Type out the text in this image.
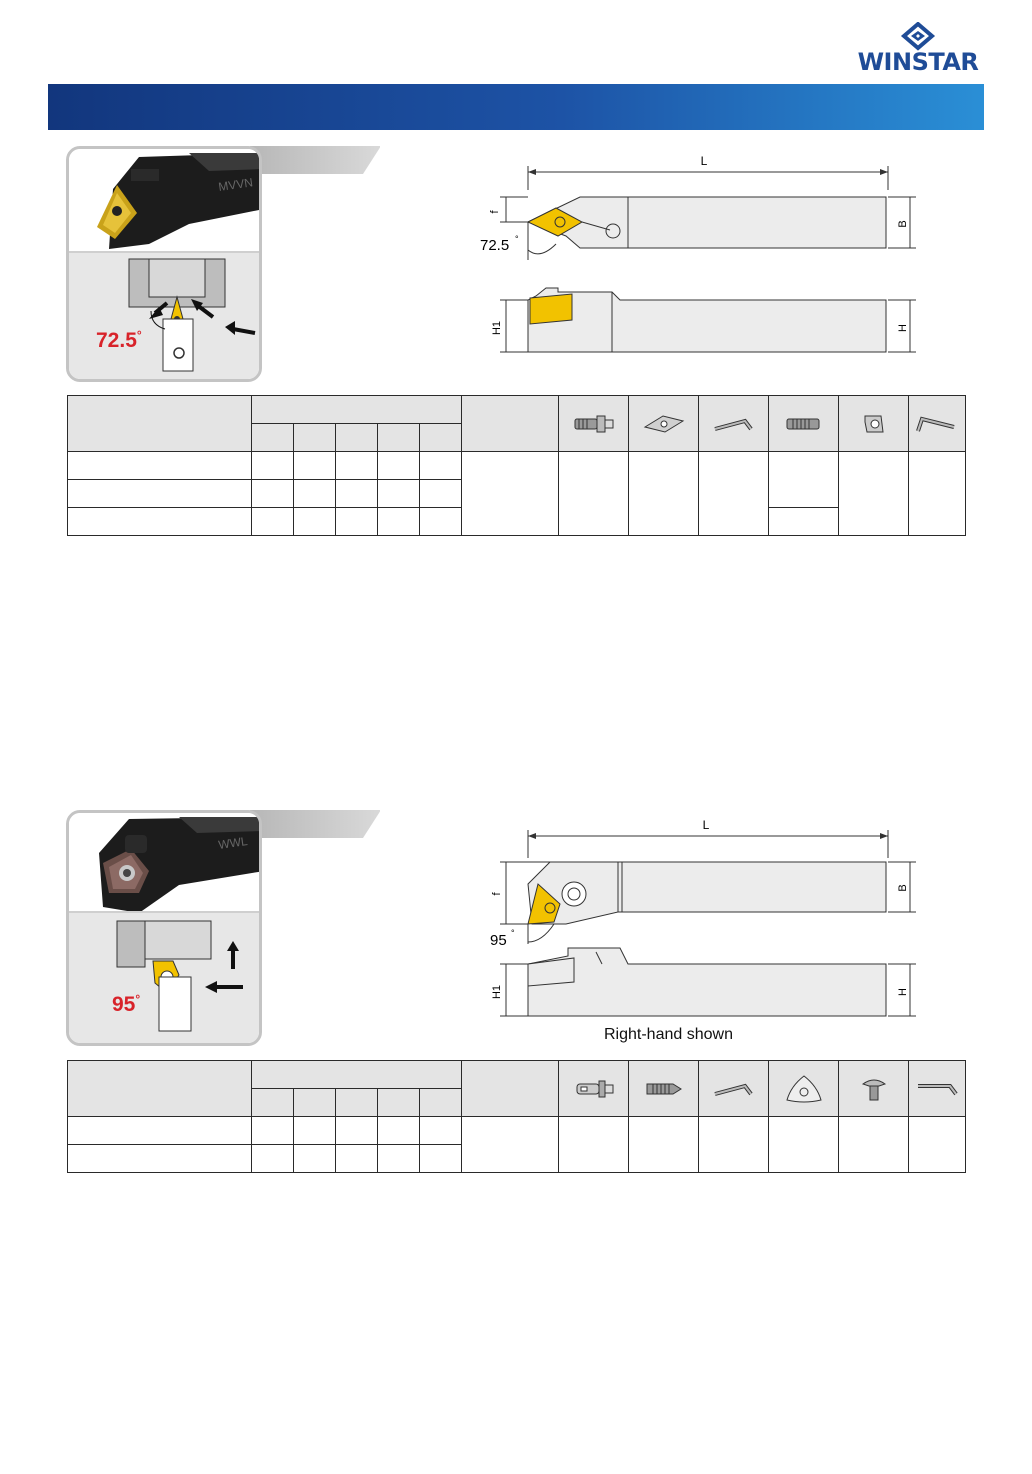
WINSTAR
MVVN
72.5°
L
f
B
72.5 °
H1	H

WWL
95°
L
f
B
95 °
H1	H
Right-hand shown
